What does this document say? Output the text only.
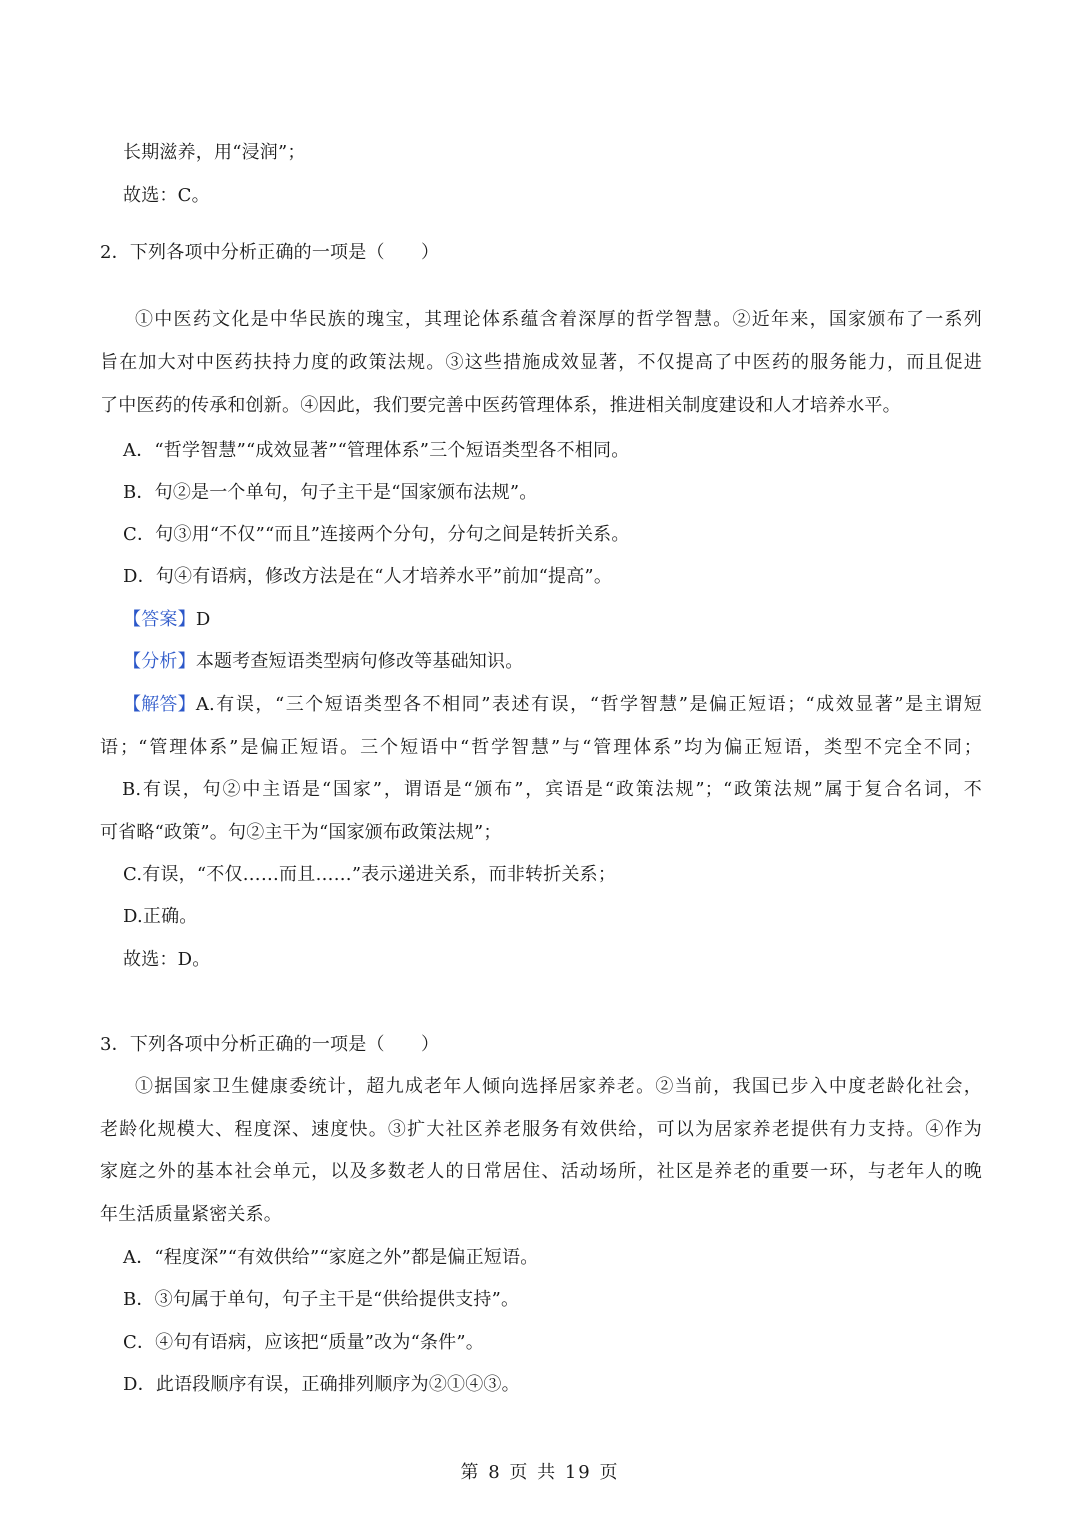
长期滋养，用“浸润”；
故选：C。
2．下列各项中分析正确的一项是（　　）
①中医药文化是中华民族的瑰宝，其理论体系蕴含着深厚的哲学智慧。②近年来，国家颁布了一系列
旨在加大对中医药扶持力度的政策法规。③这些措施成效显著，不仅提高了中医药的服务能力，而且促进
了中医药的传承和创新。④因此，我们要完善中医药管理体系，推进相关制度建设和人才培养水平。
A．“哲学智慧”“成效显著”“管理体系”三个短语类型各不相同。
B．句②是一个单句，句子主干是“国家颁布法规”。
C．句③用“不仅”“而且”连接两个分句，分句之间是转折关系。
D．句④有语病，修改方法是在“人才培养水平”前加“提高”。
【答案】D
【分析】本题考查短语类型病句修改等基础知识。
【解答】 A.有误，“三个短语类型各不相同”表述有误，“哲学智慧”是偏正短语；“成效显著”是主谓短
语；“管理体系”是偏正短语。三个短语中“哲学智慧”与“管理体系”均为偏正短语，类型不完全不同；
B.有误，句②中主语是“国家”，谓语是“颁布”，宾语是“政策法规”；“政策法规”属于复合名词，不
可省略“政策”。句②主干为“国家颁布政策法规”；
C.有误，“不仅……而且……”表示递进关系，而非转折关系；
D.正确。
故选：D。
3．下列各项中分析正确的一项是（　　）
①据国家卫生健康委统计，超九成老年人倾向选择居家养老。②当前，我国已步入中度老龄化社会，
老龄化规模大、程度深、速度快。③扩大社区养老服务有效供给，可以为居家养老提供有力支持。④作为
家庭之外的基本社会单元，以及多数老人的日常居住、活动场所，社区是养老的重要一环，与老年人的晚
年生活质量紧密关系。
A．“程度深”“有效供给”“家庭之外”都是偏正短语。
B．③句属于单句，句子主干是“供给提供支持”。
C．④句有语病，应该把“质量”改为“条件”。
D．此语段顺序有误，正确排列顺序为②①④③。
第 8 页 共 19 页
